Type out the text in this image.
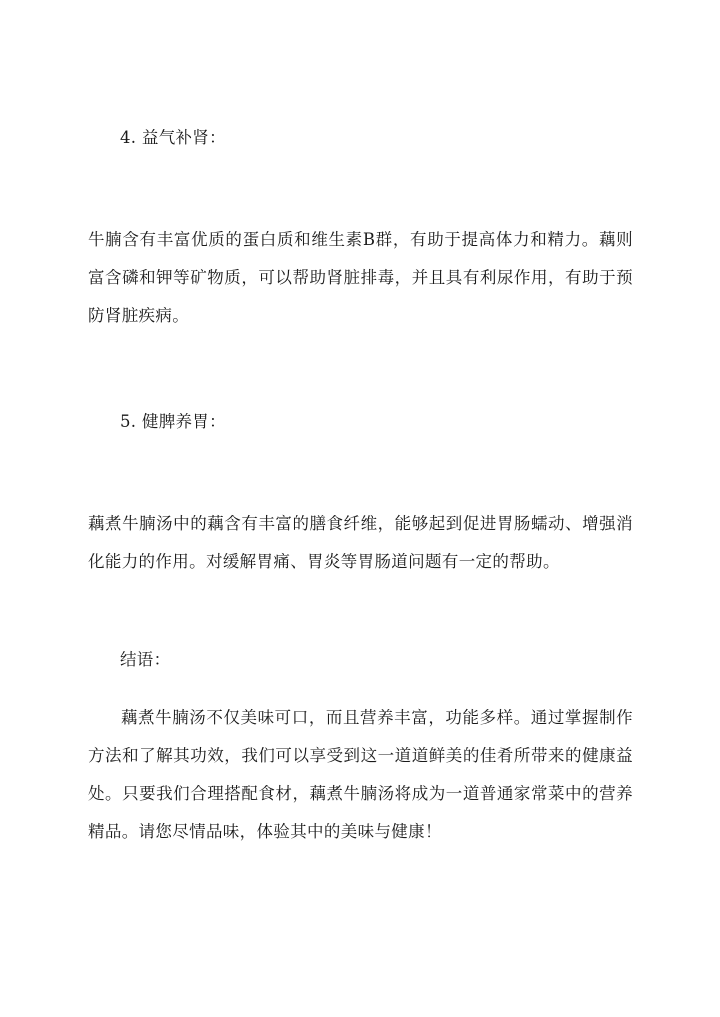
4. 益气补肾：
牛腩含有丰富优质的蛋白质和维生素B群，有助于提高体力和精力。藕则富含磷和钾等矿物质，可以帮助肾脏排毒，并且具有利尿作用，有助于预防肾脏疾病。
5. 健脾养胃：
藕煮牛腩汤中的藕含有丰富的膳食纤维，能够起到促进胃肠蠕动、增强消化能力的作用。对缓解胃痛、胃炎等胃肠道问题有一定的帮助。
结语：
藕煮牛腩汤不仅美味可口，而且营养丰富，功能多样。通过掌握制作方法和了解其功效，我们可以享受到这一道道鲜美的佳肴所带来的健康益处。只要我们合理搭配食材，藕煮牛腩汤将成为一道普通家常菜中的营养精品。请您尽情品味，体验其中的美味与健康！
